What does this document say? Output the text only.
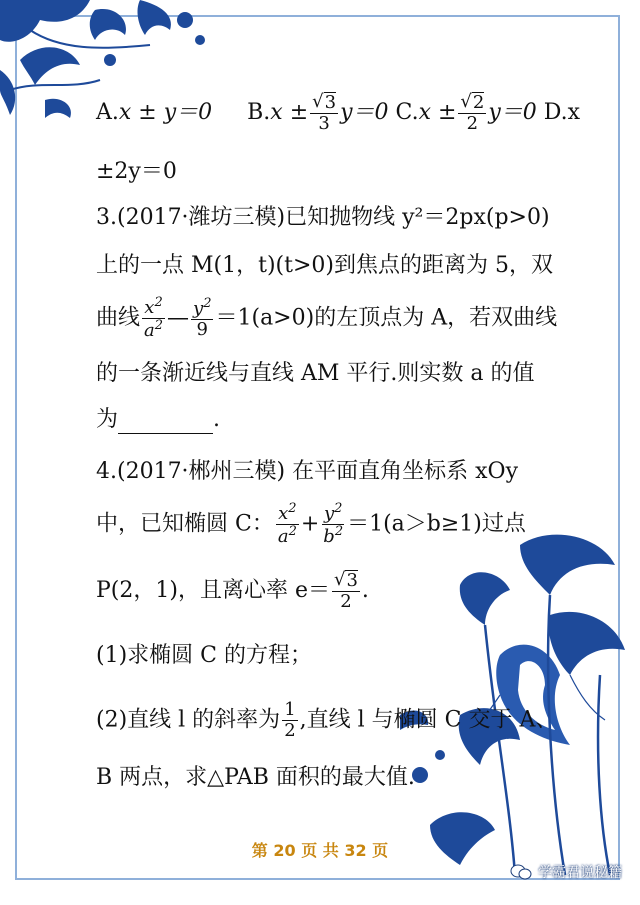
A.x ± y＝0 $B.x \pm \frac{√ 3}{3} y=0$ $C.x \pm \frac{√ 2}{2} y=0$ D.x
±2y＝0
3.(2017·潍坊三模)已知抛物线 y²＝2px(p>0)
上的一点 M(1，t)(t>0)到焦点的距离为 5，双
曲线 $\frac{x^2}{a^2}$ — $\frac{y^2}{9} =1(a>0)$的左顶点为 A，若双曲线
的一条渐近线与直线 AM 平行.则实数 a 的值
为	.
4.(2017·郴州三模) 在平面直角坐标系 xOy
中，已知椭圆 C： $\frac{x^2}{a^2} + \frac{y^2}{b^2} =1(a>b\ge 1)$过点
P(2，1)，且离心率 $e= \frac{√ 3}{2}$ .
(1)求椭圆 C 的方程；
(2)直线 l 的斜率为 $\frac{1}{2}$ ,直线 l 与椭圆 C 交于 A、
B 两点，求△PAB 面积的最大值.
第 20 页 共 32 页
学霸君说秘籍
